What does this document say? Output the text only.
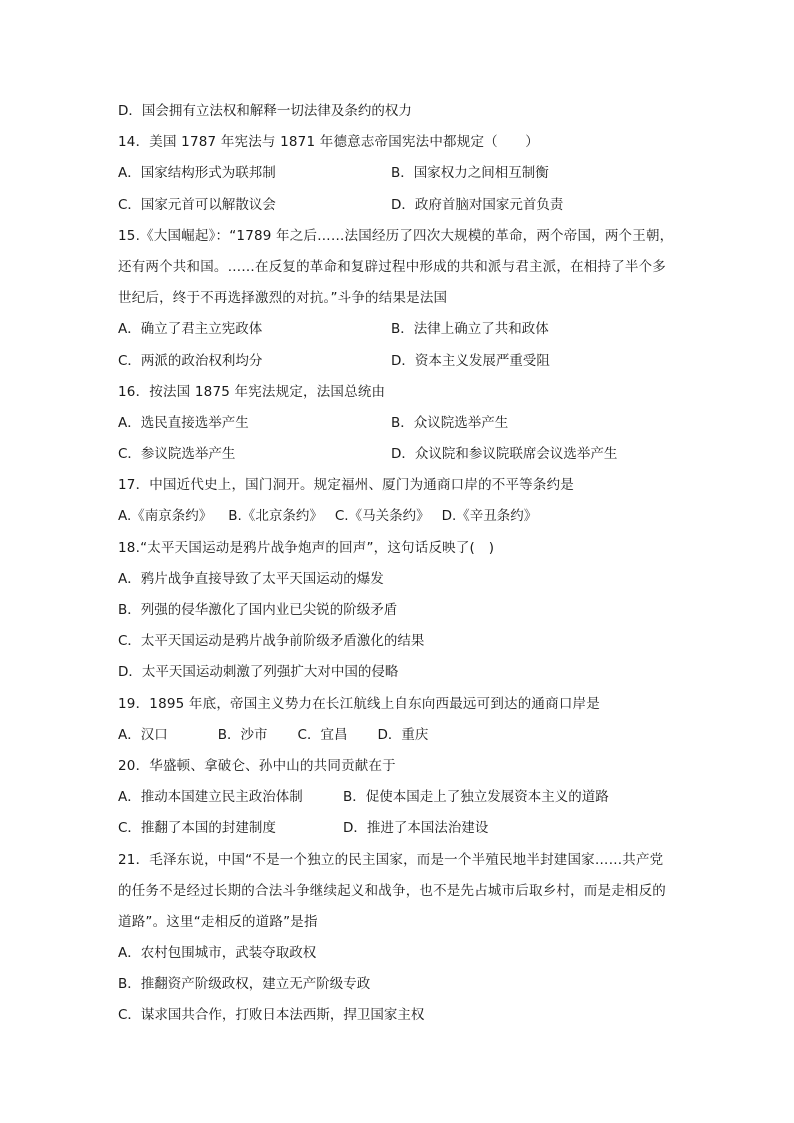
D．国会拥有立法权和解释一切法律及条约的权力
14．美国 1787 年宪法与 1871 年德意志帝国宪法中都规定（　　）
A．国家结构形式为联邦制	B．国家权力之间相互制衡
C．国家元首可以解散议会	D．政府首脑对国家元首负责
15.《大国崛起》：“1789 年之后……法国经历了四次大规模的革命，两个帝国，两个王朝，
还有两个共和国。……在反复的革命和复辟过程中形成的共和派与君主派，在相持了半个多
世纪后，终于不再选择激烈的对抗。”斗争的结果是法国
A．确立了君主立宪政体	B．法律上确立了共和政体
C．两派的政治权利均分	D．资本主义发展严重受阻
16．按法国 1875 年宪法规定，法国总统由
A．选民直接选举产生	B．众议院选举产生
C．参议院选举产生	D．众议院和参议院联席会议选举产生
17．中国近代史上，国门洞开。规定福州、厦门为通商口岸的不平等条约是
A.《南京条约》 B.《北京条约》 C.《马关条约》 D.《辛丑条约》
18.“太平天国运动是鸦片战争炮声的回声”，这句话反映了(　)
A．鸦片战争直接导致了太平天国运动的爆发
B．列强的侵华激化了国内业已尖锐的阶级矛盾
C．太平天国运动是鸦片战争前阶级矛盾激化的结果
D．太平天国运动刺激了列强扩大对中国的侵略
19．1895 年底，帝国主义势力在长江航线上自东向西最远可到达的通商口岸是
A．汉口	B．沙市 C．宜昌 D．重庆
20．华盛顿、拿破仑、孙中山的共同贡献在于
A．推动本国建立民主政治体制	B．促使本国走上了独立发展资本主义的道路
C．推翻了本国的封建制度	D．推进了本国法治建设
21．毛泽东说，中国“不是一个独立的民主国家，而是一个半殖民地半封建国家……共产党
的任务不是经过长期的合法斗争继续起义和战争，也不是先占城市后取乡村，而是走相反的
道路”。这里“走相反的道路”是指
A．农村包围城市，武装夺取政权
B．推翻资产阶级政权，建立无产阶级专政
C．谋求国共合作，打败日本法西斯，捍卫国家主权
